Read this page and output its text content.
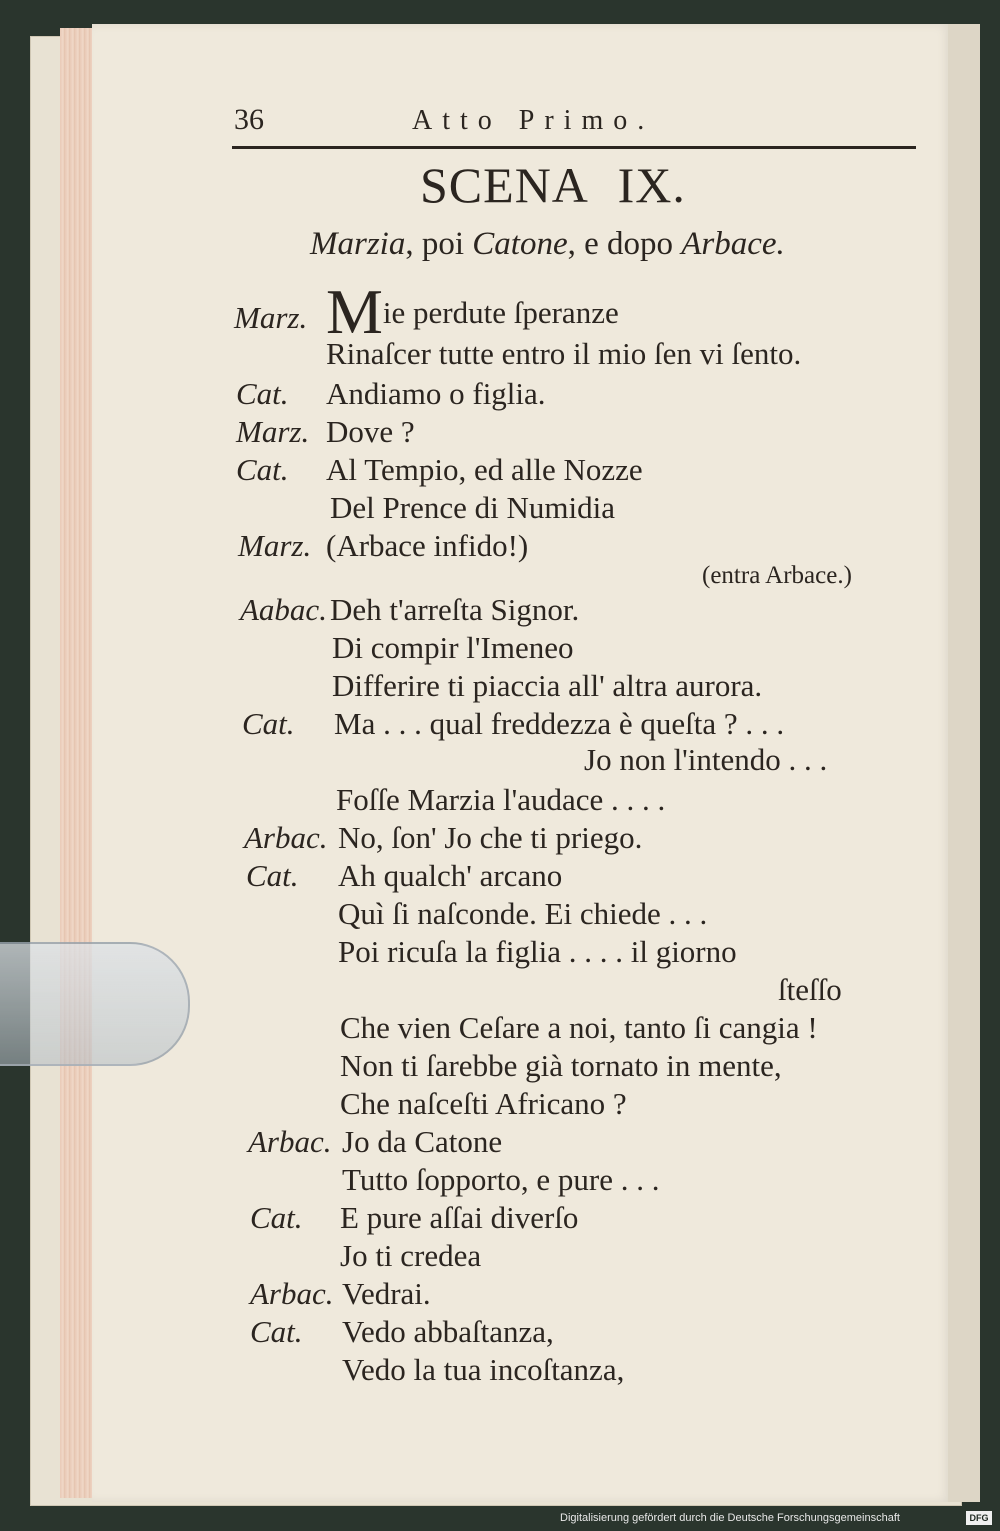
36	Atto Primo.
SCENA IX.
Marzia, poi Catone, e dopo Arbace.
Marz. Mie perdute ſperanze
Rinaſcer tutte entro il mio ſen vi ſento.
Cat. Andiamo o figlia.
Marz. Dove ?
Cat. Al Tempio, ed alle Nozze
Del Prence di Numidia
Marz. (Arbace infido!)
(entra Arbace.)
Aabac. Deh t'arreſta Signor.
Di compir l'Imeneo
Differire ti piaccia all' altra aurora.
Cat. Ma . . . qual freddezza è queſta ? . . .
Jo non l'intendo . . .
Foſſe Marzia l'audace . . . .
Arbac. No, ſon' Jo che ti priego.
Cat. Ah qualch' arcano
Quì ſi naſconde. Ei chiede . . .
Poi ricuſa la figlia . . . . il giorno
ſteſſo
Che vien Ceſare a noi, tanto ſi cangia !
Non ti ſarebbe già tornato in mente,
Che naſceſti Africano ?
Arbac. Jo da Catone
Tutto ſopporto, e pure . . .
Cat. E pure aſſai diverſo
Jo ti credea
Arbac. Vedrai.
Cat. Vedo abbaſtanza,
Vedo la tua incoſtanza,
Digitalisierung gefördert durch die Deutsche Forschungsgemeinschaft	DFG
